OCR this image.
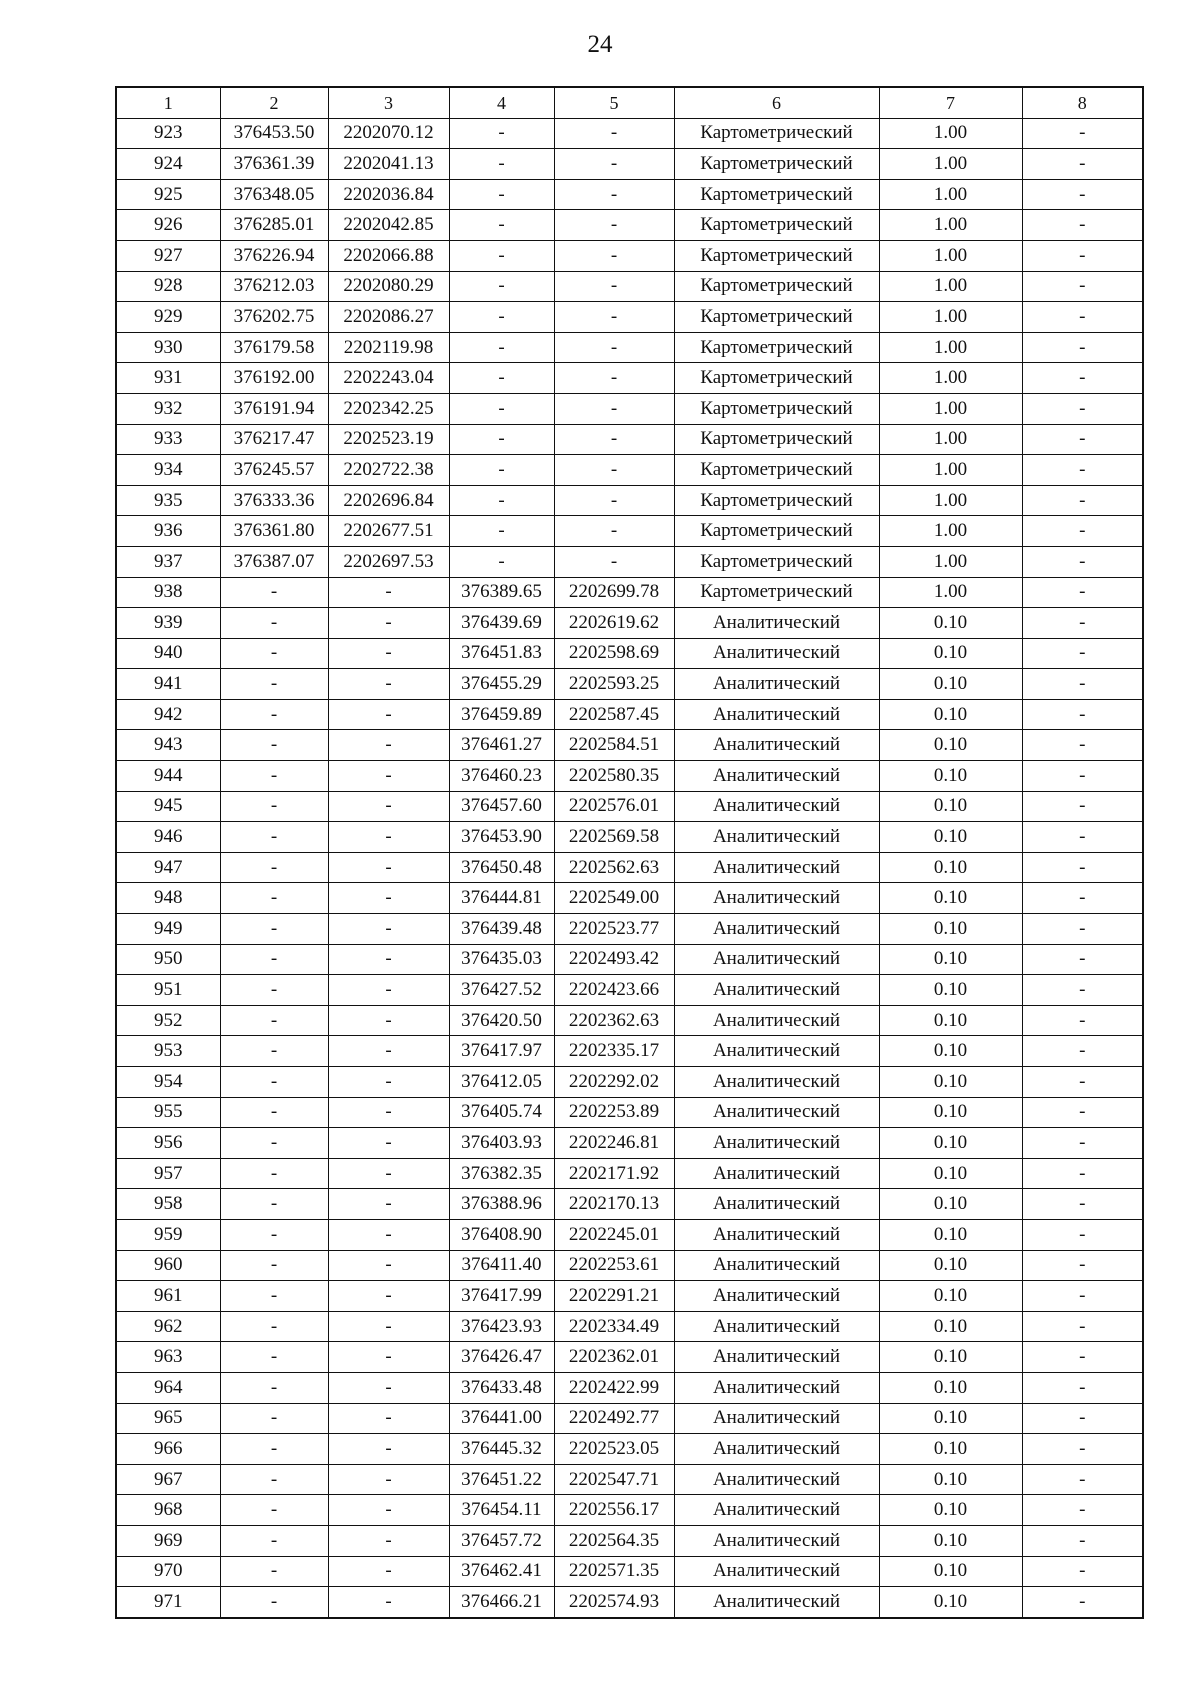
24
1	2	3	4	5	6	7	8
923	376453.50	2202070.12	-	-	Картометрический	1.00	-
924	376361.39	2202041.13	-	-	Картометрический	1.00	-
925	376348.05	2202036.84	-	-	Картометрический	1.00	-
926	376285.01	2202042.85	-	-	Картометрический	1.00	-
927	376226.94	2202066.88	-	-	Картометрический	1.00	-
928	376212.03	2202080.29	-	-	Картометрический	1.00	-
929	376202.75	2202086.27	-	-	Картометрический	1.00	-
930	376179.58	2202119.98	-	-	Картометрический	1.00	-
931	376192.00	2202243.04	-	-	Картометрический	1.00	-
932	376191.94	2202342.25	-	-	Картометрический	1.00	-
933	376217.47	2202523.19	-	-	Картометрический	1.00	-
934	376245.57	2202722.38	-	-	Картометрический	1.00	-
935	376333.36	2202696.84	-	-	Картометрический	1.00	-
936	376361.80	2202677.51	-	-	Картометрический	1.00	-
937	376387.07	2202697.53	-	-	Картометрический	1.00	-
938	-	-	376389.65	2202699.78	Картометрический	1.00	-
939	-	-	376439.69	2202619.62	Аналитический	0.10	-
940	-	-	376451.83	2202598.69	Аналитический	0.10	-
941	-	-	376455.29	2202593.25	Аналитический	0.10	-
942	-	-	376459.89	2202587.45	Аналитический	0.10	-
943	-	-	376461.27	2202584.51	Аналитический	0.10	-
944	-	-	376460.23	2202580.35	Аналитический	0.10	-
945	-	-	376457.60	2202576.01	Аналитический	0.10	-
946	-	-	376453.90	2202569.58	Аналитический	0.10	-
947	-	-	376450.48	2202562.63	Аналитический	0.10	-
948	-	-	376444.81	2202549.00	Аналитический	0.10	-
949	-	-	376439.48	2202523.77	Аналитический	0.10	-
950	-	-	376435.03	2202493.42	Аналитический	0.10	-
951	-	-	376427.52	2202423.66	Аналитический	0.10	-
952	-	-	376420.50	2202362.63	Аналитический	0.10	-
953	-	-	376417.97	2202335.17	Аналитический	0.10	-
954	-	-	376412.05	2202292.02	Аналитический	0.10	-
955	-	-	376405.74	2202253.89	Аналитический	0.10	-
956	-	-	376403.93	2202246.81	Аналитический	0.10	-
957	-	-	376382.35	2202171.92	Аналитический	0.10	-
958	-	-	376388.96	2202170.13	Аналитический	0.10	-
959	-	-	376408.90	2202245.01	Аналитический	0.10	-
960	-	-	376411.40	2202253.61	Аналитический	0.10	-
961	-	-	376417.99	2202291.21	Аналитический	0.10	-
962	-	-	376423.93	2202334.49	Аналитический	0.10	-
963	-	-	376426.47	2202362.01	Аналитический	0.10	-
964	-	-	376433.48	2202422.99	Аналитический	0.10	-
965	-	-	376441.00	2202492.77	Аналитический	0.10	-
966	-	-	376445.32	2202523.05	Аналитический	0.10	-
967	-	-	376451.22	2202547.71	Аналитический	0.10	-
968	-	-	376454.11	2202556.17	Аналитический	0.10	-
969	-	-	376457.72	2202564.35	Аналитический	0.10	-
970	-	-	376462.41	2202571.35	Аналитический	0.10	-
971	-	-	376466.21	2202574.93	Аналитический	0.10	-
